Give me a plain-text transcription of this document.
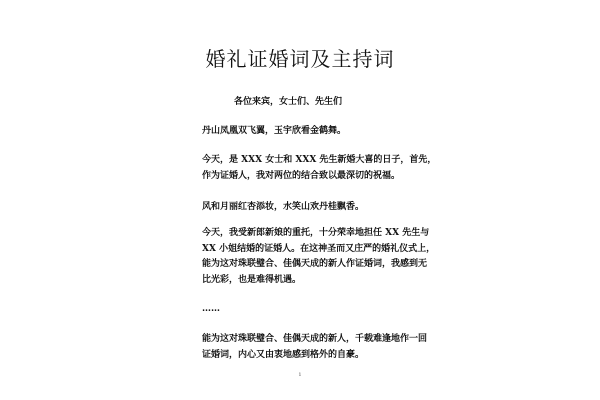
婚礼证婚词及主持词
各位来宾，女士们、先生们

丹山凤凰双飞翼，玉宇欣看金鹤舞。

今天，是 XXX 女士和 XXX 先生新婚大喜的日子，首先，
作为证婚人，我对两位的结合致以最深切的祝福。

风和月丽红杏添妆，水笑山欢丹桂飘香。

今天，我受新郎新娘的重托，十分荣幸地担任 XX 先生与
XX 小姐结婚的证婚人。在这神圣而又庄严的婚礼仪式上，
能为这对珠联璧合、佳偶天成的新人作证婚词，我感到无
比光彩，也是难得机遇。

……

能为这对珠联璧合、佳偶天成的新人，千载难逢地作一回
证婚词，内心又由衷地感到格外的自豪。

1
